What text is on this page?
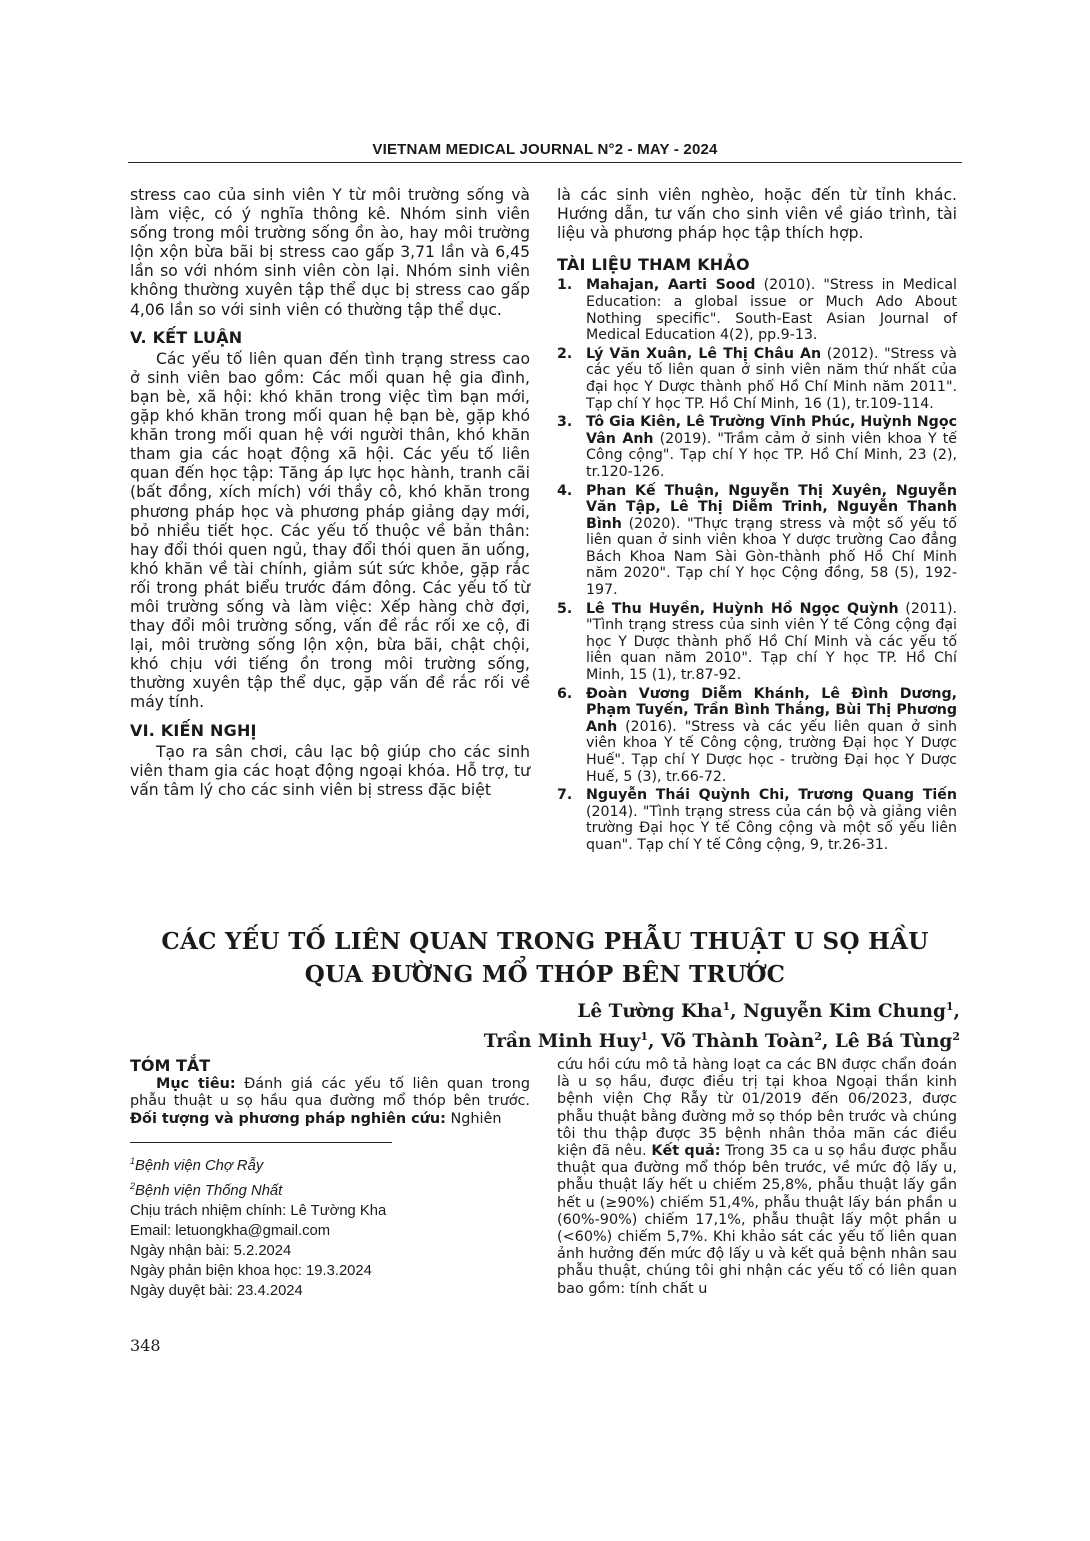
VIETNAM MEDICAL JOURNAL N°2 - MAY - 2024

stress cao của sinh viên Y từ môi trường sống và làm việc, có ý nghĩa thông kê. Nhóm sinh viên sống trong môi trường sống ồn ào, hay môi trường lộn xộn bừa bãi bị stress cao gấp 3,71 lần và 6,45 lần so với nhóm sinh viên còn lại. Nhóm sinh viên không thường xuyên tập thể dục bị stress cao gấp 4,06 lần so với sinh viên có thường tập thể dục.

V. KẾT LUẬN

Các yếu tố liên quan đến tình trạng stress cao ở sinh viên bao gồm: Các mối quan hệ gia đình, bạn bè, xã hội: khó khăn trong việc tìm bạn mới, gặp khó khăn trong mối quan hệ bạn bè, gặp khó khăn trong mối quan hệ với người thân, khó khăn tham gia các hoạt động xã hội. Các yếu tố liên quan đến học tập: Tăng áp lực học hành, tranh cãi (bất đồng, xích mích) với thầy cô, khó khăn trong phương pháp học và phương pháp giảng dạy mới, bỏ nhiều tiết học. Các yếu tố thuộc về bản thân: hay đổi thói quen ngủ, thay đổi thói quen ăn uống, khó khăn về tài chính, giảm sút sức khỏe, gặp rắc rối trong phát biểu trước đám đông. Các yếu tố từ môi trường sống và làm việc: Xếp hàng chờ đợi, thay đổi môi trường sống, vấn đề rắc rối xe cộ, đi lại, môi trường sống lộn xộn, bừa bãi, chật chội, khó chịu với tiếng ồn trong môi trường sống, thường xuyên tập thể dục, gặp vấn đề rắc rối về máy tính.

VI. KIẾN NGHỊ

Tạo ra sân chơi, câu lạc bộ giúp cho các sinh viên tham gia các hoạt động ngoại khóa. Hỗ trợ, tư vấn tâm lý cho các sinh viên bị stress đặc biệt

là các sinh viên nghèo, hoặc đến từ tỉnh khác. Hướng dẫn, tư vấn cho sinh viên về giáo trình, tài liệu và phương pháp học tập thích hợp.

TÀI LIỆU THAM KHẢO
1. Mahajan, Aarti Sood (2010). "Stress in Medical Education: a global issue or Much Ado About Nothing specific". South-East Asian Journal of Medical Education 4(2), pp.9-13.
2. Lý Văn Xuân, Lê Thị Châu An (2012). "Stress và các yếu tố liên quan ở sinh viên năm thứ nhất của đại học Y Dược thành phố Hồ Chí Minh năm 2011". Tạp chí Y học TP. Hồ Chí Minh, 16 (1), tr.109-114.
3. Tô Gia Kiên, Lê Trường Vĩnh Phúc, Huỳnh Ngọc Vân Anh (2019). "Trầm cảm ở sinh viên khoa Y tế Công cộng". Tạp chí Y học TP. Hồ Chí Minh, 23 (2), tr.120-126.
4. Phan Kế Thuận, Nguyễn Thị Xuyên, Nguyễn Văn Tập, Lê Thị Diễm Trinh, Nguyễn Thanh Bình (2020). "Thực trạng stress và một số yếu tố liên quan ở sinh viên khoa Y dược trường Cao đẳng Bách Khoa Nam Sài Gòn-thành phố Hồ Chí Minh năm 2020". Tạp chí Y học Cộng đồng, 58 (5), 192-197.
5. Lê Thu Huyền, Huỳnh Hồ Ngọc Quỳnh (2011). "Tình trạng stress của sinh viên Y tế Công cộng đại học Y Dược thành phố Hồ Chí Minh và các yếu tố liên quan năm 2010". Tạp chí Y học TP. Hồ Chí Minh, 15 (1), tr.87-92.
6. Đoàn Vương Diễm Khánh, Lê Đình Dương, Phạm Tuyến, Trần Bình Thắng, Bùi Thị Phương Anh (2016). "Stress và các yếu liên quan ở sinh viên khoa Y tế Công cộng, trường Đại học Y Dược Huế". Tạp chí Y Dược học - trường Đại học Y Dược Huế, 5 (3), tr.66-72.
7. Nguyễn Thái Quỳnh Chi, Trương Quang Tiến (2014). "Tình trạng stress của cán bộ và giảng viên trường Đại học Y tế Công cộng và một số yếu liên quan". Tạp chí Y tế Công cộng, 9, tr.26-31.
CÁC YẾU TỐ LIÊN QUAN TRONG PHẪU THUẬT U SỌ HẦU
QUA ĐƯỜNG MỔ THÓP BÊN TRƯỚC
Lê Tường Kha$^1$, Nguyễn Kim Chung$^1$,
Trần Minh Huy$^1$, Võ Thành Toàn$^2$, Lê Bá Tùng$^2$
TÓM TẮT

Mục tiêu: Đánh giá các yếu tố liên quan trong phẫu thuật u sọ hầu qua đường mổ thóp bên trước. Đối tượng và phương pháp nghiên cứu: Nghiên

$^1$Bệnh viện Chợ Rẫy
$^2$Bệnh viện Thống Nhất
Chịu trách nhiệm chính: Lê Tường Kha
Email: letuongkha@gmail.com
Ngày nhận bài: 5.2.2024
Ngày phản biện khoa học: 19.3.2024
Ngày duyệt bài: 23.4.2024

cứu hồi cứu mô tả hàng loạt ca các BN được chẩn đoán là u sọ hầu, được điều trị tại khoa Ngoại thần kinh bệnh viện Chợ Rẫy từ 01/2019 đến 06/2023, được phẫu thuật bằng đường mở sọ thóp bên trước và chúng tôi thu thập được 35 bệnh nhân thỏa mãn các điều kiện đã nêu. Kết quả: Trong 35 ca u sọ hầu được phẫu thuật qua đường mổ thóp bên trước, về mức độ lấy u, phẫu thuật lấy hết u chiếm 25,8%, phẫu thuật lấy gần hết u (≥90%) chiếm 51,4%, phẫu thuật lấy bán phần u (60%-90%) chiếm 17,1%, phẫu thuật lấy một phần u (<60%) chiếm 5,7%. Khi khảo sát các yếu tố liên quan ảnh hưởng đến mức độ lấy u và kết quả bệnh nhân sau phẫu thuật, chúng tôi ghi nhận các yếu tố có liên quan bao gồm: tính chất u

348
